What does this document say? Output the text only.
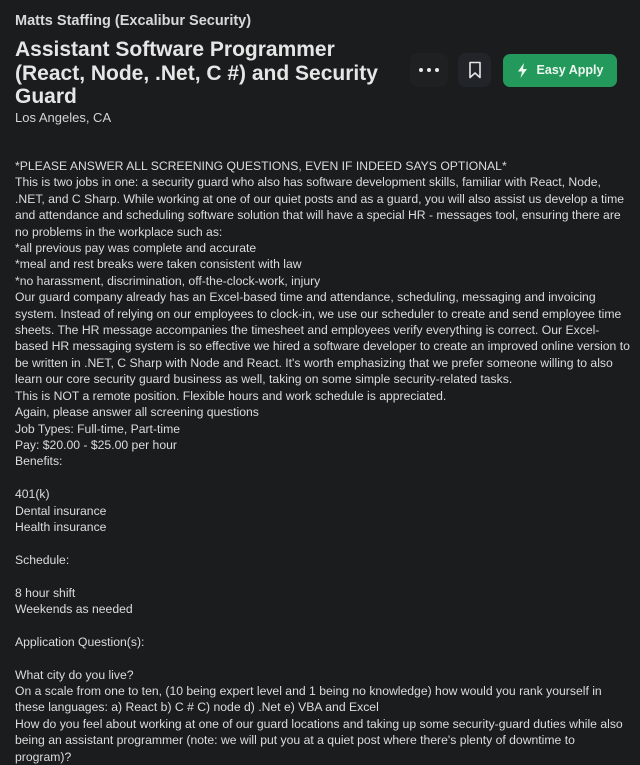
Matts Staffing (Excalibur Security)
Assistant Software Programmer (React, Node, .Net, C #) and Security Guard
Los Angeles, CA
Easy Apply

*PLEASE ANSWER ALL SCREENING QUESTIONS, EVEN IF INDEED SAYS OPTIONAL*

This is two jobs in one: a security guard who also has software development skills, familiar with React, Node, .NET, and C Sharp. While working at one of our quiet posts and as a guard, you will also assist us develop a time and attendance and scheduling software solution that will have a special HR - messages tool, ensuring there are no problems in the workplace such as:

*all previous pay was complete and accurate

*meal and rest breaks were taken consistent with law

*no harassment, discrimination, off-the-clock-work, injury

Our guard company already has an Excel-based time and attendance, scheduling, messaging and invoicing system. Instead of relying on our employees to clock-in, we use our scheduler to create and send employee time sheets. The HR message accompanies the timesheet and employees verify everything is correct. Our Excel-based HR messaging system is so effective we hired a software developer to create an improved online version to be written in .NET, C Sharp with Node and React. It's worth emphasizing that we prefer someone willing to also learn our core security guard business as well, taking on some simple security-related tasks.

This is NOT a remote position. Flexible hours and work schedule is appreciated.

Again, please answer all screening questions

Job Types: Full-time, Part-time

Pay: $20.00 - $25.00 per hour

Benefits:

401(k)

Dental insurance

Health insurance

Schedule:

8 hour shift

Weekends as needed

Application Question(s):

What city do you live?

On a scale from one to ten, (10 being expert level and 1 being no knowledge) how would you rank yourself in these languages: a) React b) C # C) node d) .Net e) VBA and Excel

How do you feel about working at one of our guard locations and taking up some security-guard duties while also being an assistant programmer (note: we will put you at a quiet post where there's plenty of downtime to program)?
